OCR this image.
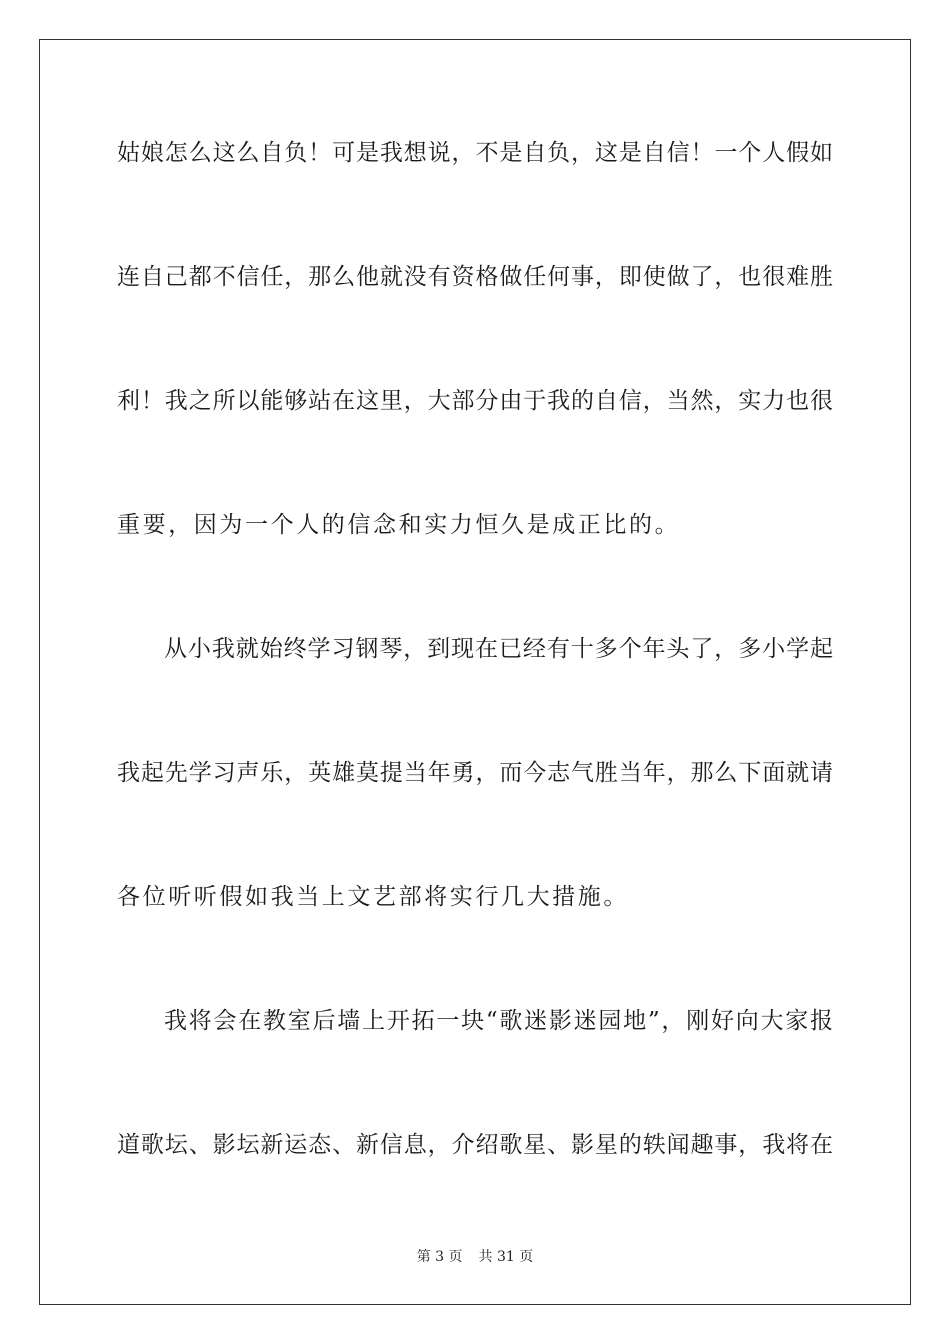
姑娘怎么这么自负！可是我想说，不是自负，这是自信！一个人假如
连自己都不信任，那么他就没有资格做任何事，即使做了，也很难胜
利！我之所以能够站在这里，大部分由于我的自信，当然，实力也很
重要，因为一个人的信念和实力恒久是成正比的。
从小我就始终学习钢琴，到现在已经有十多个年头了，多小学起
我起先学习声乐，英雄莫提当年勇，而今志气胜当年，那么下面就请
各位听听假如我当上文艺部将实行几大措施。
我将会在教室后墙上开拓一块“歌迷影迷园地”，刚好向大家报
道歌坛、影坛新运态、新信息，介绍歌星、影星的轶闻趣事，我将在
第 3 页 共 31 页
